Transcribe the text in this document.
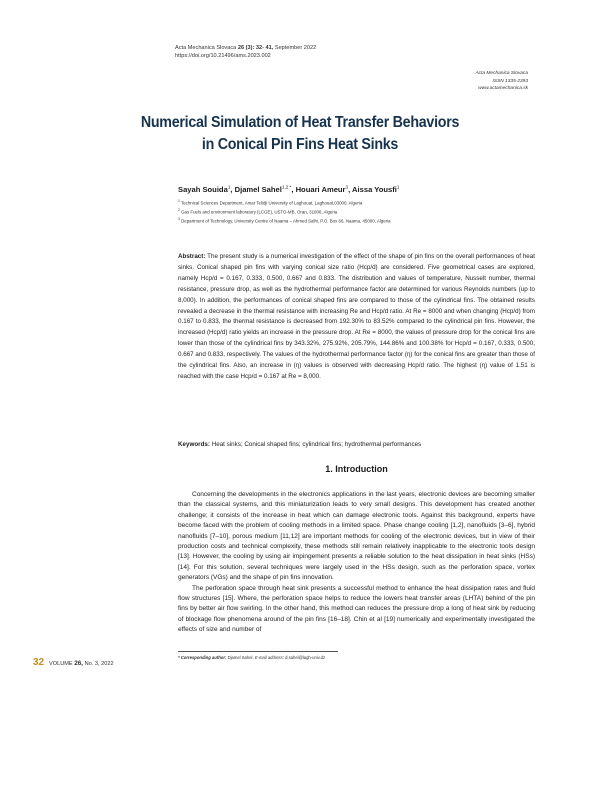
Acta Mechanica Slovaca 26 (3): 32- 41, September 2022
https://doi.org/10.21496/ams.2023.002
Acta Mechanica Slovaca
ISSN 1335-2393
www.actamechanica.sk
Numerical Simulation of Heat Transfer Behaviors
in Conical Pin Fins Heat Sinks
Sayah Souida$^1$, Djamel Sahel$^{1,2 *}$, Houari Ameur$^3$, Aissa Yousfi$^1$
$^1$ Technical Sciences Department, Amar Telidji University of Laghouat, Laghouat,03000, Algeria
$^2$ Gas Fuels and environment laboratory (LCGE), USTO-MB, Oran, 31000, Algeria
$^3$ Department of Technology, University Centre of Naama – Ahmed Salhi, P.O. Box 66, Naama, 45000, Algeria
Abstract: The present study is a numerical investigation of the effect of the shape of pin fins on the overall performances of heat sinks. Conical shaped pin fins with varying conical size ratio (Hcp/d) are considered. Five geometrical cases are explored, namely Hcp/d = 0.167, 0.333, 0.500, 0.667 and 0.833. The distribution and values of temperature, Nusselt number, thermal resistance, pressure drop, as well as the hydrothermal performance factor are determined for various Reynolds numbers (up to 8,000). In addition, the performances of conical shaped fins are compared to those of the cylindrical fins. The obtained results revealed a decrease in the thermal resistance with increasing Re and Hcp/d ratio. At Re = 8000 and when changing (Hcp/d) from 0.167 to 0.833, the thermal resistance is decreased from 192.30% to 83.52% compared to the cylindrical pin fins. However, the increased (Hcp/d) ratio yields an increase in the pressure drop. At Re = 8000, the values of pressure drop for the conical fins are lower than those of the cylindrical fins by 343.32%, 275.92%, 205.79%, 144.86% and 100.38% for Hcp/d = 0.167, 0.333, 0.500, 0.667 and 0.833, respectively. The values of the hydrothermal performance factor (η) for the conical fins are greater than those of the cylindrical fins. Also, an increase in (η) values is observed with decreasing Hcp/d ratio. The highest (η) value of 1.51 is reached with the case Hcp/d = 0.167 at Re = 8,000.
Keywords: Heat sinks; Conical shaped fins; cylindrical fins; hydrothermal performances
1. Introduction

Concerning the developments in the electronics applications in the last years, electronic devices are becoming smaller than the classical systems, and this miniaturization leads to very small designs. This development has created another challenge; it consists of the increase in heat which can damage electronic tools. Against this background, experts have become faced with the problem of cooling methods in a limited space. Phase change cooling [1,2], nanofluids [3–6], hybrid nanofluids [7–10], porous medium [11,12] are important methods for cooling of the electronic devices, but in view of their production costs and technical complexity, these methods still remain relatively inapplicable to the electronic tools design [13]. However, the cooling by using air impingement presents a reliable solution to the heat dissipation in heat sinks (HSs) [14]. For this solution, several techniques were largely used in the HSs design, such as the perforation space, vortex generators (VGs) and the shape of pin fins innovation.

The perforation space through heat sink presents a successful method to enhance the heat dissipation rates and fluid flow structures [15]. Where, the perforation space helps to reduce the lowers heat transfer areas (LHTA) behind of the pin fins by better air flow swirling. In the other hand, this method can reduces the pressure drop a long of heat sink by reducing of blockage flow phenomena around of the pin fins [16–18]. Chin et al [19] numerically and experimentally investigated the effects of size and number of

* Corresponding author: Djamel Sahel, E-mail address: d.sahel@lagh-univ.dz
32 VOLUME 26, No. 3, 2022
